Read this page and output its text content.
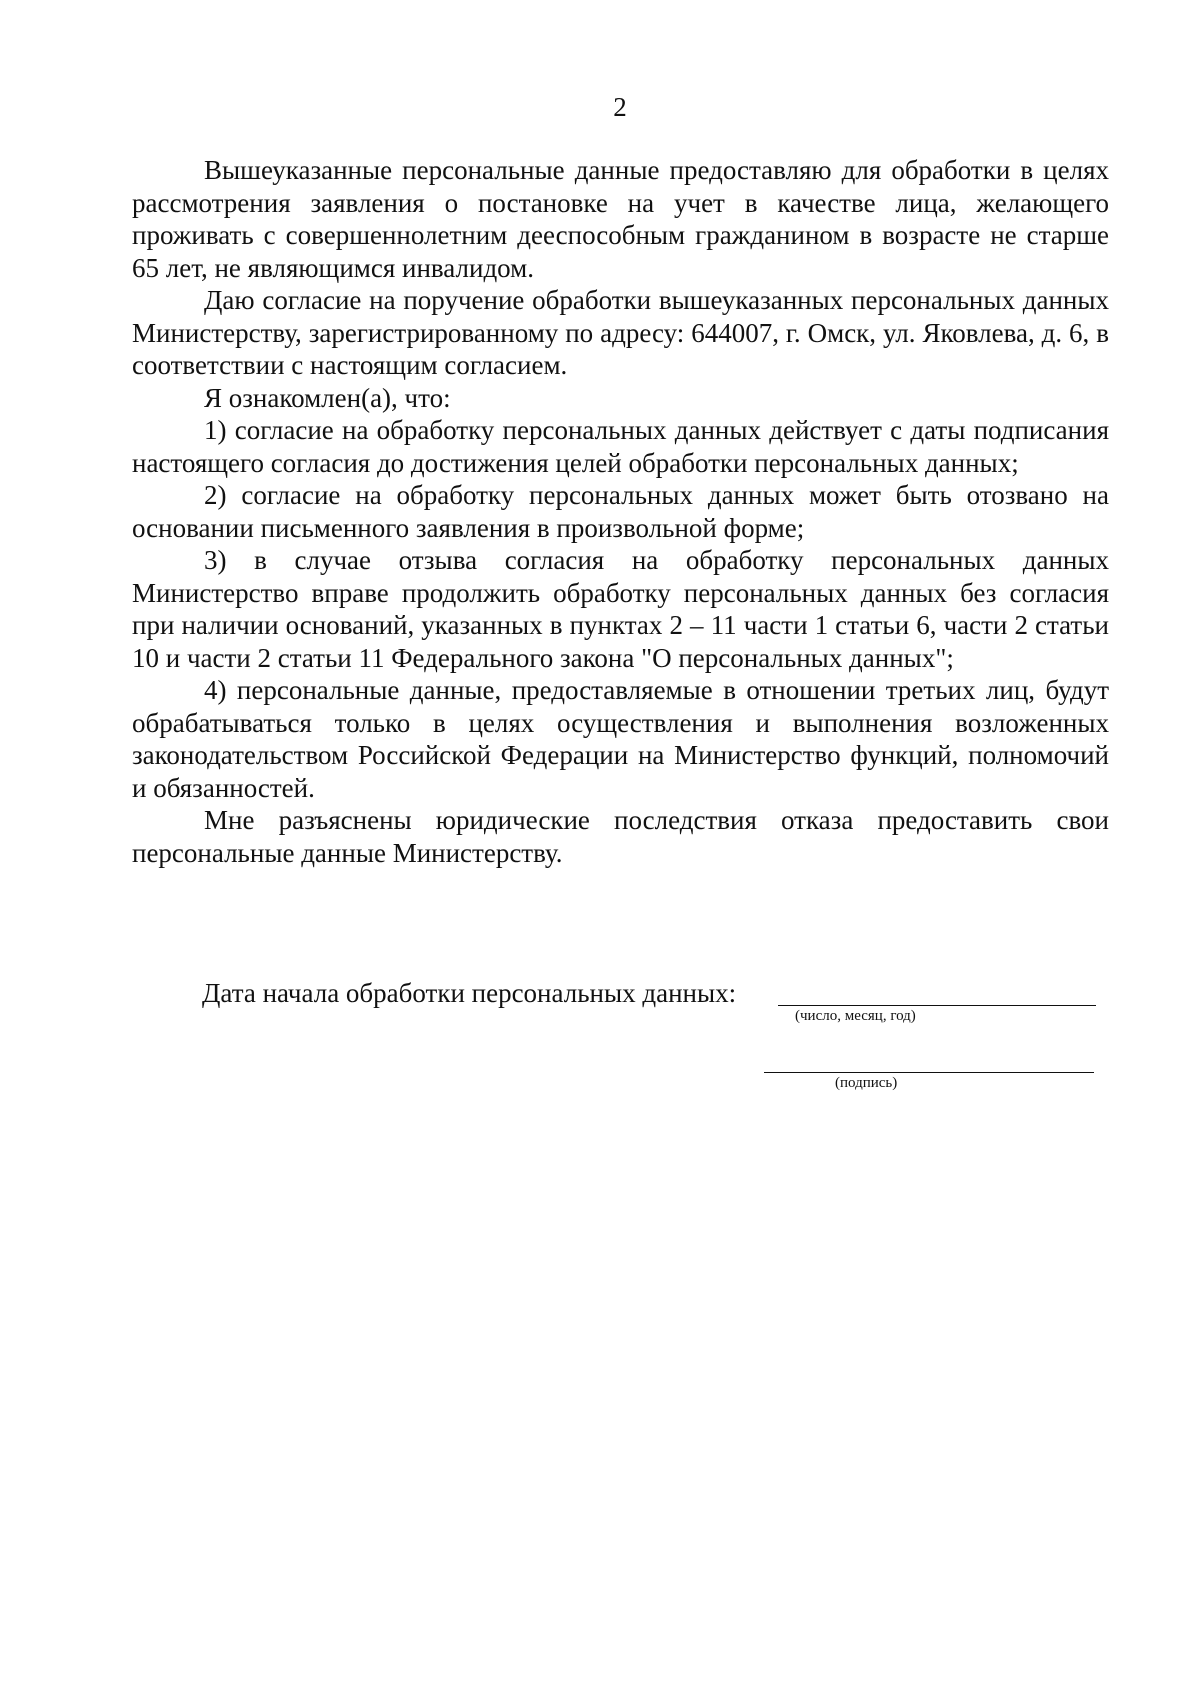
2

Вышеуказанные персональные данные предоставляю для обработки в целях рассмотрения заявления о постановке на учет в качестве лица, желающего проживать с совершеннолетним дееспособным гражданином в возрасте не старше 65 лет, не являющимся инвалидом.

Даю согласие на поручение обработки вышеуказанных персональных данных Министерству, зарегистрированному по адресу: 644007, г. Омск, ул. Яковлева, д. 6, в соответствии с настоящим согласием.

Я ознакомлен(а), что:

1) согласие на обработку персональных данных действует с даты подписания настоящего согласия до достижения целей обработки персональных данных;

2) согласие на обработку персональных данных может быть отозвано на основании письменного заявления в произвольной форме;

3) в случае отзыва согласия на обработку персональных данных Министерство вправе продолжить обработку персональных данных без согласия при наличии оснований, указанных в пунктах 2 – 11 части 1 статьи 6, части 2 статьи 10 и части 2 статьи 11 Федерального закона "О персональных данных";

4) персональные данные, предоставляемые в отношении третьих лиц, будут обрабатываться только в целях осуществления и выполнения возложенных законодательством Российской Федерации на Министерство функций, полномочий и обязанностей.

Мне разъяснены юридические последствия отказа предоставить свои персональные данные Министерству.

Дата начала обработки персональных данных:
(число, месяц, год)
(подпись)
